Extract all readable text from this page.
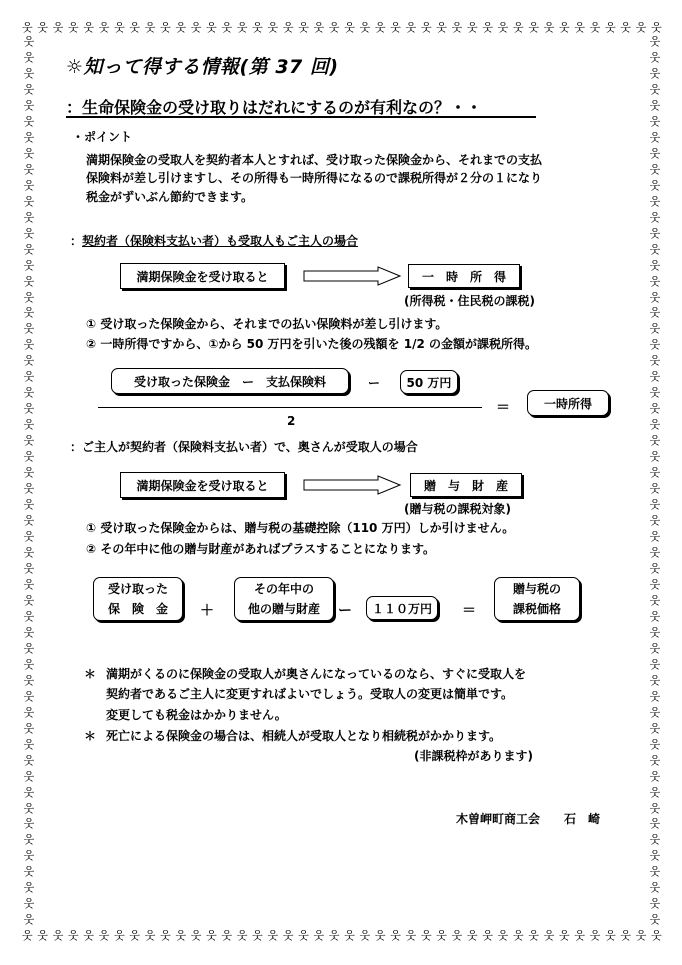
웃 웃 웃 웃 웃 웃 웃 웃 웃 웃 웃 웃 웃 웃 웃 웃 웃 웃 웃 웃 웃 웃 웃 웃 웃 웃 웃 웃 웃 웃 웃 웃 웃 웃 웃 웃 웃 웃 웃 웃 웃 웃
웃 웃 웃 웃 웃 웃 웃 웃 웃 웃 웃 웃 웃 웃 웃 웃 웃 웃 웃 웃 웃 웃 웃 웃 웃 웃 웃 웃 웃 웃 웃 웃 웃 웃 웃 웃 웃 웃 웃 웃 웃 웃
웃
웃
웃
웃
웃
웃
웃
웃
웃
웃
웃
웃
웃
웃
웃
웃
웃
웃
웃
웃
웃
웃
웃
웃
웃
웃
웃
웃
웃
웃
웃
웃
웃
웃
웃
웃
웃
웃
웃
웃
웃
웃
웃
웃
웃
웃
웃
웃
웃
웃
웃
웃
웃
웃
웃
웃
웃
웃
웃
웃
웃
웃
웃
웃
웃
웃
웃
웃
웃
웃
웃
웃
웃
웃
웃
웃
웃
웃
웃
웃
웃
웃
웃
웃
웃
웃
웃
웃
웃
웃
웃
웃
웃
웃
웃
웃
웃
웃
웃
웃
웃
웃
웃
웃
웃
웃
웃
웃
웃
웃
웃
웃
☼知って得する情報(第 37 回)
：生命保険金の受け取りはだれにするのが有利なの？・・
・ポイント
満期保険金の受取人を契約者本人とすれば、受け取った保険金から、それまでの支払
保険料が差し引けますし、その所得も一時所得になるので課税所得が２分の１になり
税金がずいぶん節約できます。
：契約者（保険料支払い者）も受取人もご主人の場合
満期保険金を受け取ると	一　時　所　得
(所得税・住民税の課税)
① 受け取った保険金から、それまでの払い保険料が差し引けます。
② 一時所得ですから、①から 50 万円を引いた後の残額を 1/2 の金額が課税所得。
受け取った保険金　ー　支払保険料	ー	50 万円
2
＝	一時所得
：ご主人が契約者（保険料支払い者）で、奥さんが受取人の場合
満期保険金を受け取ると	贈　与　財　産
(贈与税の課税対象)
① 受け取った保険金からは、贈与税の基礎控除（110 万円）しか引けません。
② その年中に他の贈与財産があればプラスすることになります。
受け取った
保　険　金 ＋
その年中の
他の贈与財産 ー	１１０万円	＝
贈与税の
課税価格
＊ 満期がくるのに保険金の受取人が奥さんになっているのなら、すぐに受取人を
契約者であるご主人に変更すればよいでしょう。受取人の変更は簡単です。
変更しても税金はかかりません。
＊ 死亡による保険金の場合は、相続人が受取人となり相続税がかかります。
(非課税枠があります)
木曽岬町商工会　　石　崎
